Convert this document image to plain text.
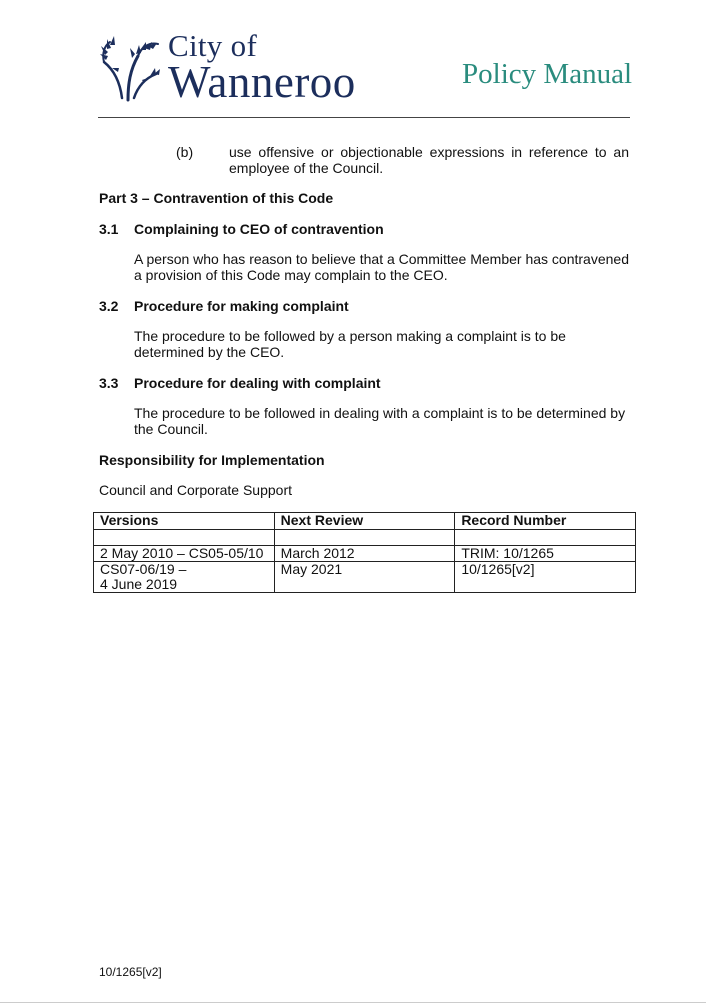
City of
Wanneroo	Policy Manual
(b)	use offensive or objectionable expressions in reference to an employee of the Council.
Part 3 – Contravention of this Code
3.1 Complaining to CEO of contravention
A person who has reason to believe that a Committee Member has contravened a provision of this Code may complain to the CEO.
3.2 Procedure for making complaint
The procedure to be followed by a person making a complaint is to be determined by the CEO.
3.3 Procedure for dealing with complaint
The procedure to be followed in dealing with a complaint is to be determined by the Council.
Responsibility for Implementation
Council and Corporate Support
Versions	Next Review	Record Number

2 May 2010 – CS05-05/10	March 2012	TRIM: 10/1265
CS07-06/19 –
4 June 2019	May 2021	10/1265[v2]
10/1265[v2]
